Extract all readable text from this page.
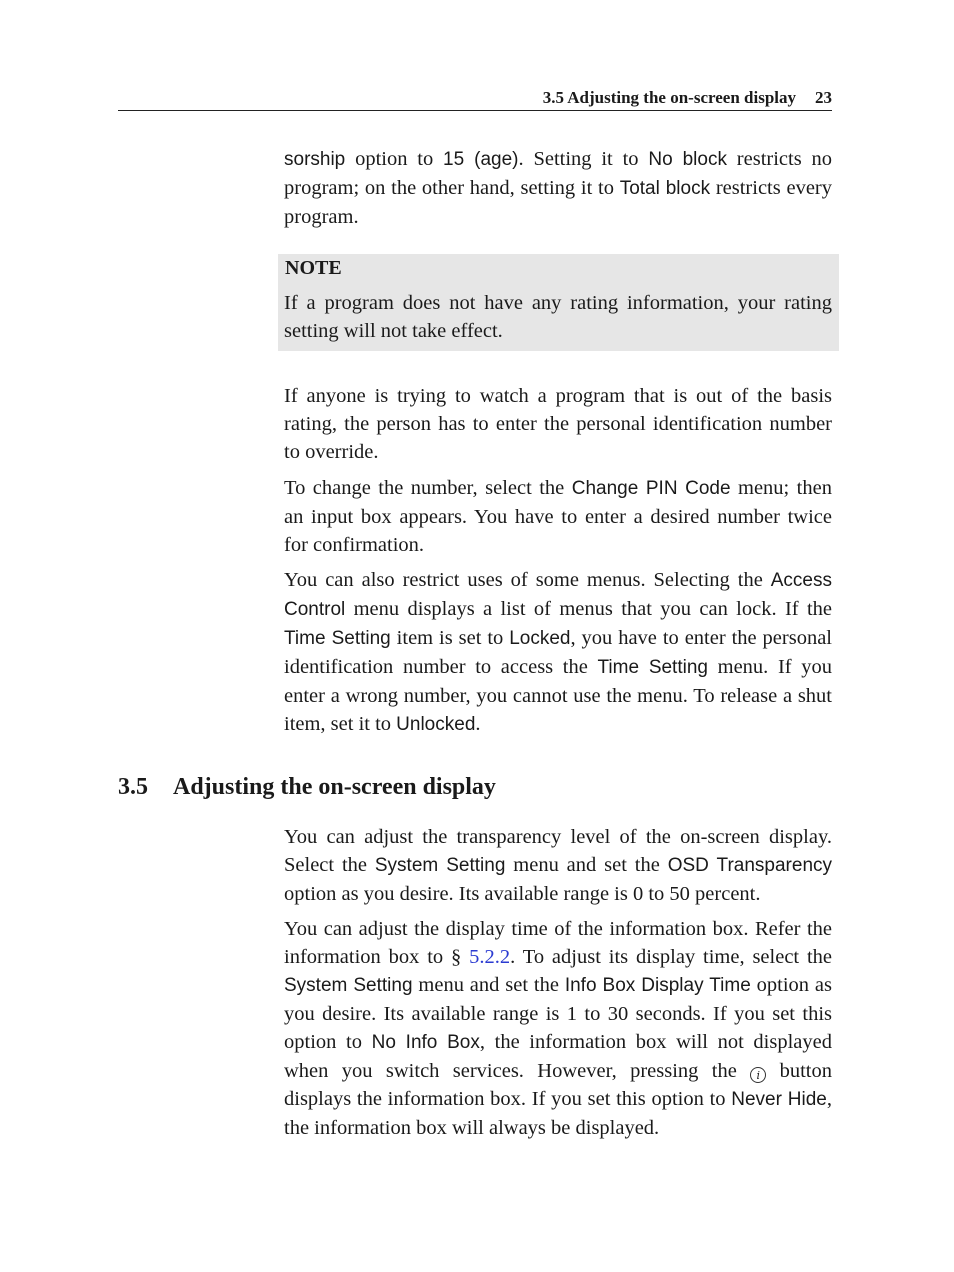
3.5 Adjusting the on-screen display 23

sorship option to 15 (age). Setting it to No block restricts no program; on the other hand, setting it to Total block restricts every program.

NOTE

If a program does not have any rating information, your rating setting will not take effect.

If anyone is trying to watch a program that is out of the basis rating, the person has to enter the personal identification number to override.

To change the number, select the Change PIN Code menu; then an input box appears. You have to enter a desired number twice for confirmation.

You can also restrict uses of some menus. Selecting the Access Control menu displays a list of menus that you can lock. If the Time Setting item is set to Locked, you have to enter the personal identification number to access the Time Setting menu. If you enter a wrong number, you cannot use the menu. To release a shut item, set it to Unlocked.

3.5 Adjusting the on-screen display

You can adjust the transparency level of the on-screen display. Select the System Setting menu and set the OSD Transparency option as you desire. Its available range is 0 to 50 percent.

You can adjust the display time of the information box. Refer the information box to § 5.2.2. To adjust its display time, select the System Setting menu and set the Info Box Display Time option as you desire. Its available range is 1 to 30 seconds. If you set this option to No Info Box, the information box will not displayed when you switch services. However, pressing the i button displays the information box. If you set this option to Never Hide, the information box will always be displayed.
